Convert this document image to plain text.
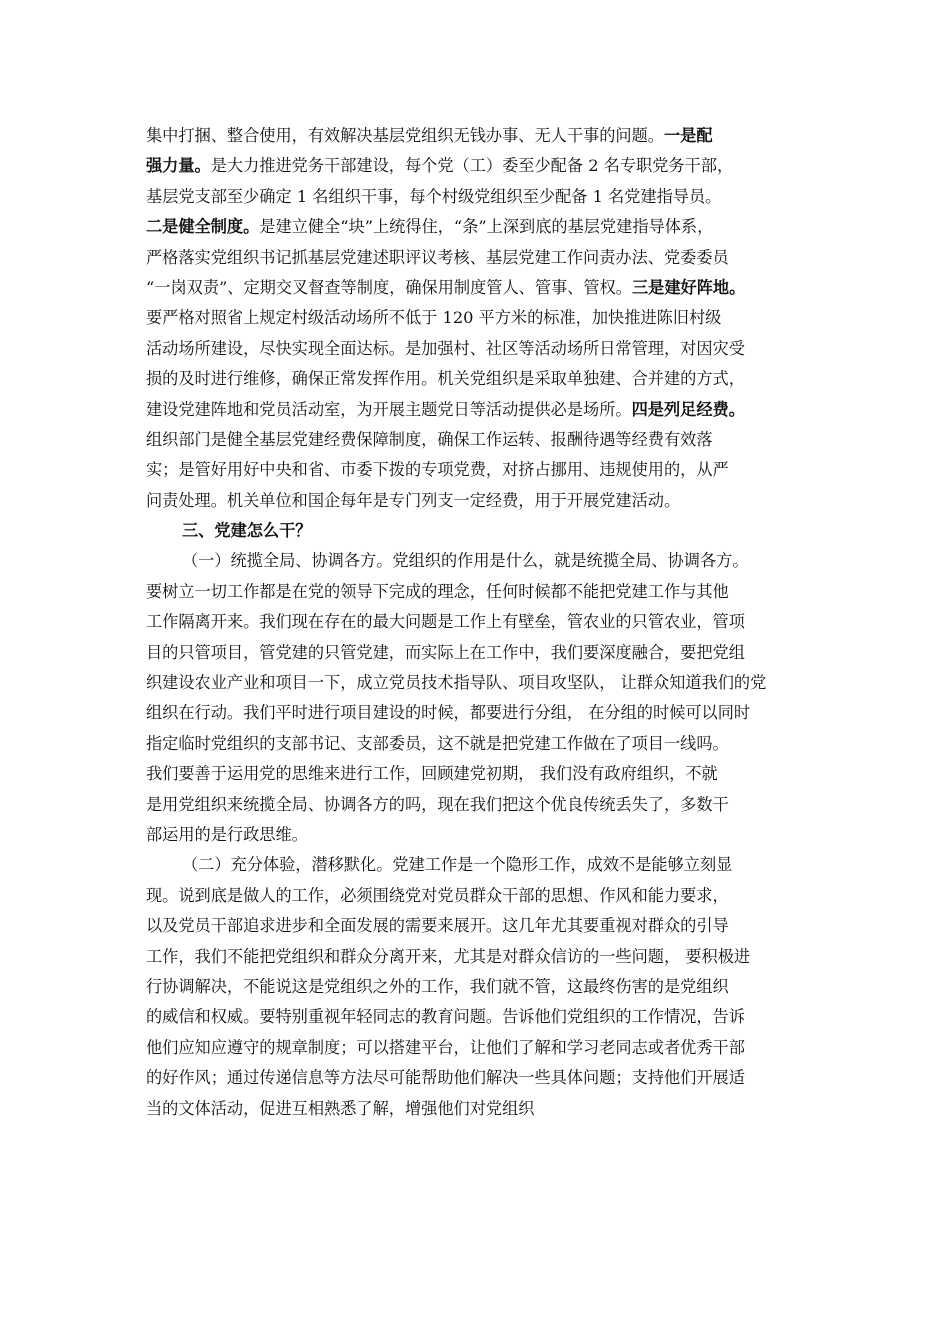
集中打捆、整合使用，有效解决基层党组织无钱办事、无人干事的问题。一是配
强力量。是大力推进党务干部建设，每个党（工）委至少配备 2 名专职党务干部，
基层党支部至少确定 1 名组织干事，每个村级党组织至少配备 1 名党建指导员。
二是健全制度。是建立健全“块”上统得住，“条”上深到底的基层党建指导体系，
严格落实党组织书记抓基层党建述职评议考核、基层党建工作问责办法、党委委员
“一岗双责”、定期交叉督查等制度，确保用制度管人、管事、管权。三是建好阵地。
要严格对照省上规定村级活动场所不低于 120 平方米的标准，加快推进陈旧村级
活动场所建设，尽快实现全面达标。是加强村、社区等活动场所日常管理，对因灾受
损的及时进行维修，确保正常发挥作用。机关党组织是采取单独建、合并建的方式，
建设党建阵地和党员活动室，为开展主题党日等活动提供必是场所。四是列足经费。
组织部门是健全基层党建经费保障制度，确保工作运转、报酬待遇等经费有效落
实；是管好用好中央和省、市委下拨的专项党费，对挤占挪用、违规使用的，从严
问责处理。机关单位和国企每年是专门列支一定经费，用于开展党建活动。
三、党建怎么干？
（一）统揽全局、协调各方。党组织的作用是什么，就是统揽全局、协调各方。
要树立一切工作都是在党的领导下完成的理念，任何时候都不能把党建工作与其他
工作隔离开来。我们现在存在的最大问题是工作上有壁垒，管农业的只管农业，管项
目的只管项目，管党建的只管党建，而实际上在工作中，我们要深度融合，要把党组
织建设农业产业和项目一下，成立党员技术指导队、项目攻坚队， 让群众知道我们的党
组织在行动。我们平时进行项目建设的时候，都要进行分组， 在分组的时候可以同时
指定临时党组织的支部书记、支部委员，这不就是把党建工作做在了项目一线吗。
我们要善于运用党的思维来进行工作，回顾建党初期， 我们没有政府组织，不就
是用党组织来统揽全局、协调各方的吗，现在我们把这个优良传统丢失了，多数干
部运用的是行政思维。
（二）充分体验，潜移默化。党建工作是一个隐形工作，成效不是能够立刻显
现。说到底是做人的工作，必须围绕党对党员群众干部的思想、作风和能力要求，
以及党员干部追求进步和全面发展的需要来展开。这几年尤其要重视对群众的引导
工作，我们不能把党组织和群众分离开来，尤其是对群众信访的一些问题， 要积极进
行协调解决，不能说这是党组织之外的工作，我们就不管，这最终伤害的是党组织
的威信和权威。要特别重视年轻同志的教育问题。告诉他们党组织的工作情况，告诉
他们应知应遵守的规章制度；可以搭建平台，让他们了解和学习老同志或者优秀干部
的好作风；通过传递信息等方法尽可能帮助他们解决一些具体问题；支持他们开展适
当的文体活动，促进互相熟悉了解，增强他们对党组织
